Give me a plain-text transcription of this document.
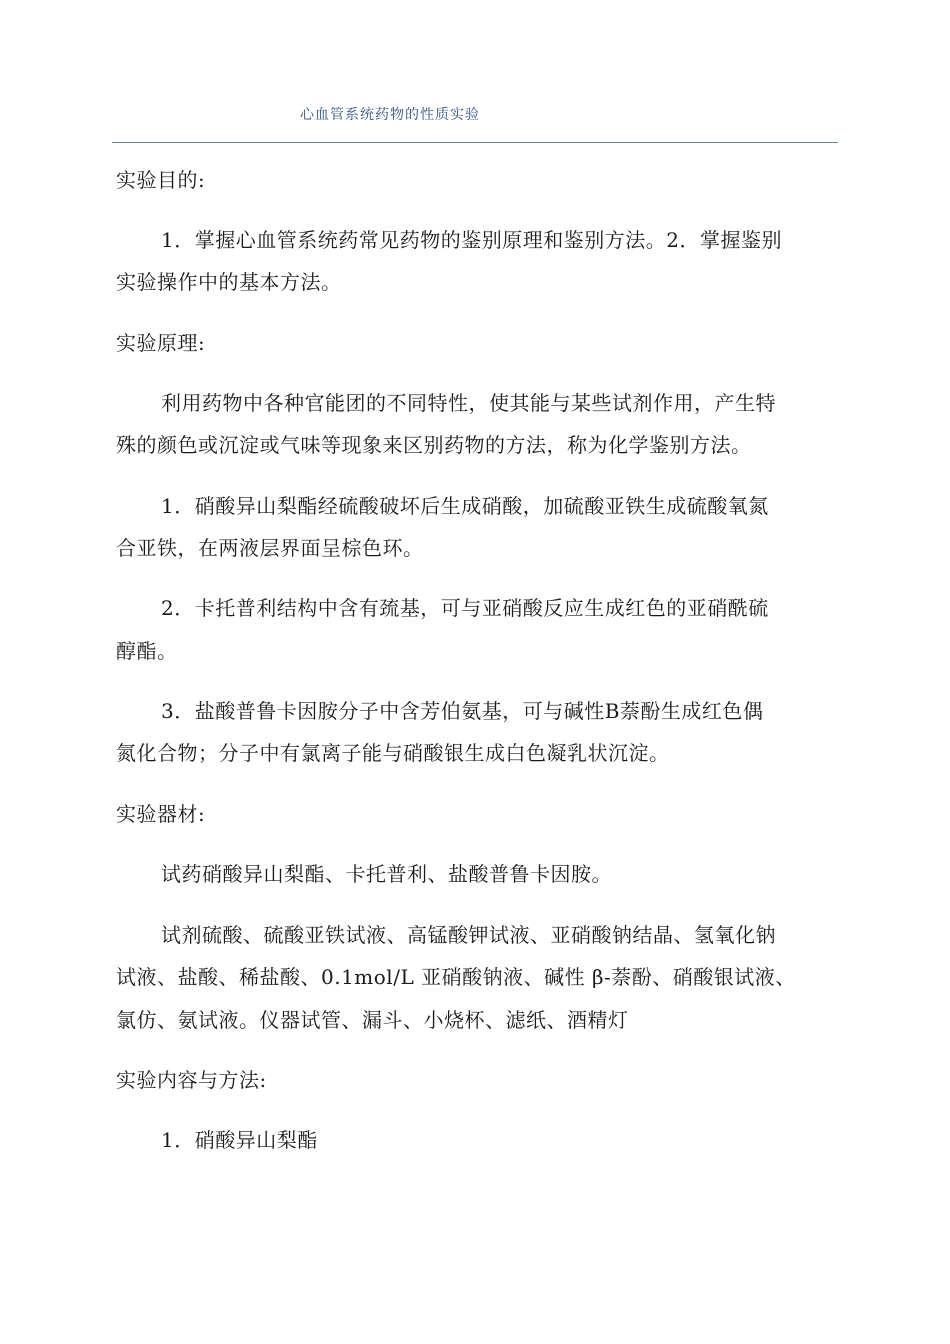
心血管系统药物的性质实验
实验目的:
1．掌握心血管系统药常见药物的鉴别原理和鉴别方法。2．掌握鉴别
实验操作中的基本方法。
实验原理:
利用药物中各种官能团的不同特性，使其能与某些试剂作用，产生特
殊的颜色或沉淀或气味等现象来区别药物的方法，称为化学鉴别方法。
1．硝酸异山梨酯经硫酸破坏后生成硝酸，加硫酸亚铁生成硫酸氧氮
合亚铁，在两液层界面呈棕色环。
2．卡托普利结构中含有巯基，可与亚硝酸反应生成红色的亚硝酰硫
醇酯。
3．盐酸普鲁卡因胺分子中含芳伯氨基，可与碱性Β萘酚生成红色偶
氮化合物；分子中有氯离子能与硝酸银生成白色凝乳状沉淀。
实验器材:
试药硝酸异山梨酯、卡托普利、盐酸普鲁卡因胺。
试剂硫酸、硫酸亚铁试液、高锰酸钾试液、亚硝酸钠结晶、氢氧化钠
试液、盐酸、稀盐酸、0.1mol/L 亚硝酸钠液、碱性 β-萘酚、硝酸银试液、
氯仿、氨试液。仪器试管、漏斗、小烧杯、滤纸、酒精灯
实验内容与方法:
1．硝酸异山梨酯
